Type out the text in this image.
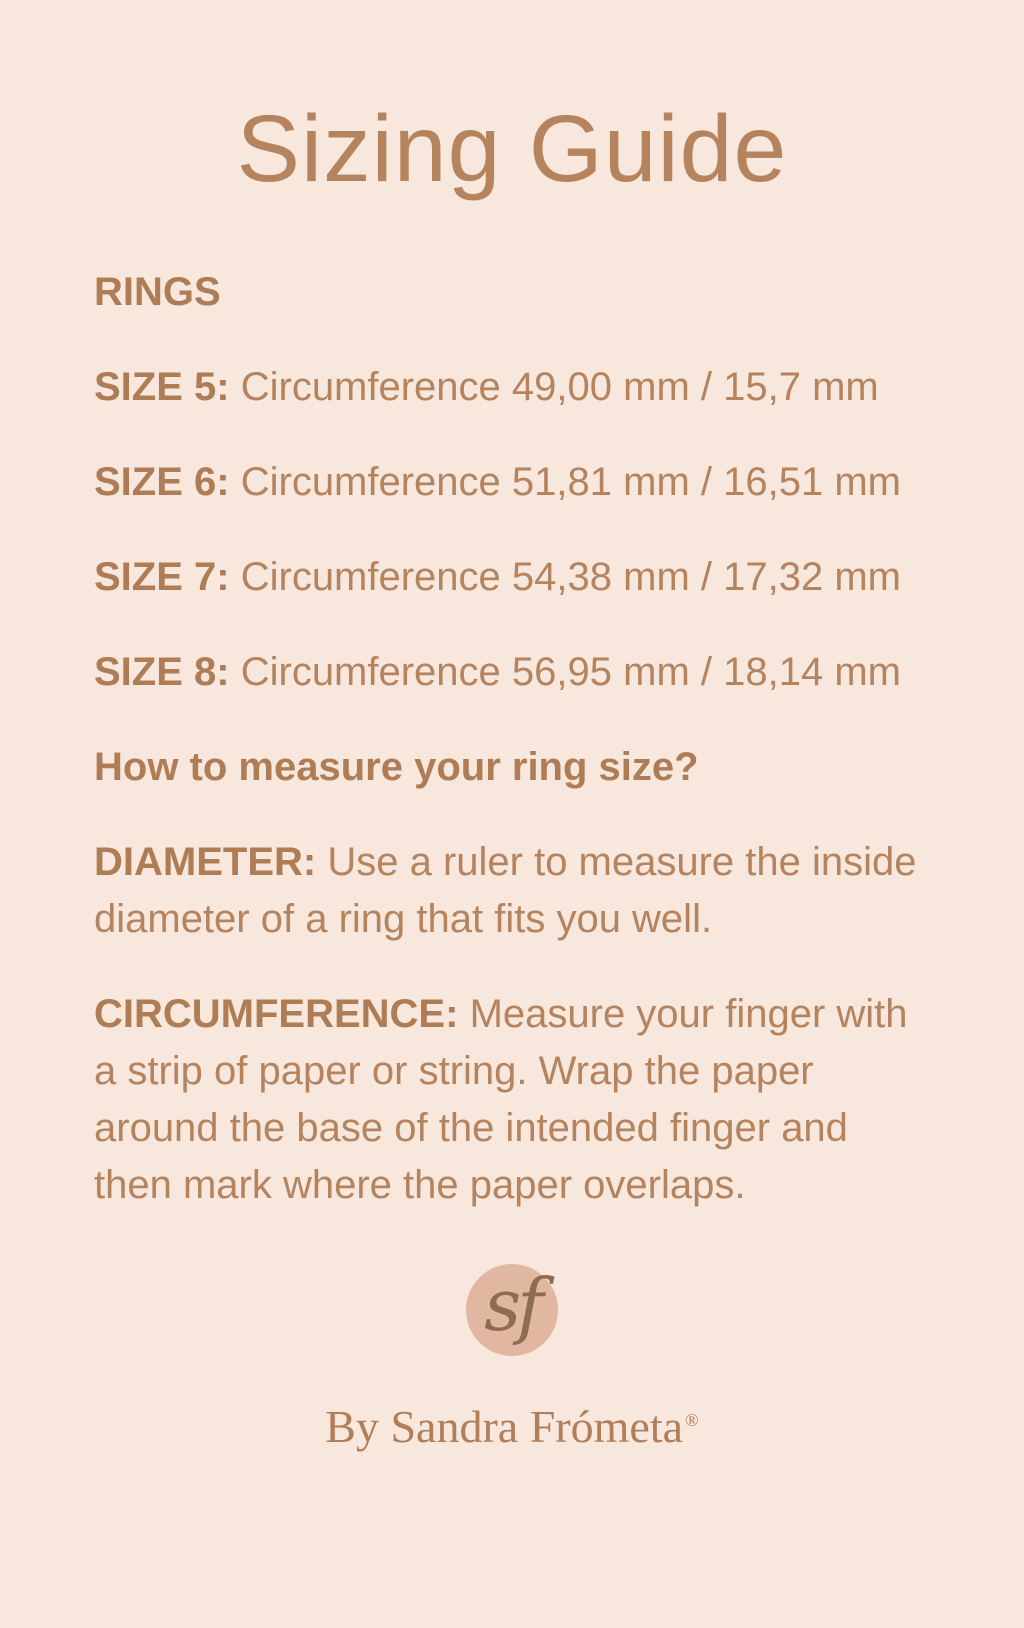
Sizing Guide

RINGS

SIZE 5: Circumference 49,00 mm / 15,7 mm

SIZE 6: Circumference 51,81 mm / 16,51 mm

SIZE 7: Circumference 54,38 mm / 17,32 mm

SIZE 8: Circumference 56,95 mm / 18,14 mm

How to measure your ring size?

DIAMETER: Use a ruler to measure the inside diameter of a ring that fits you well.

CIRCUMFERENCE: Measure your finger with a strip of paper or string. Wrap the paper around the base of the intended finger and then mark where the paper overlaps.

sf
By Sandra Frómeta ®
